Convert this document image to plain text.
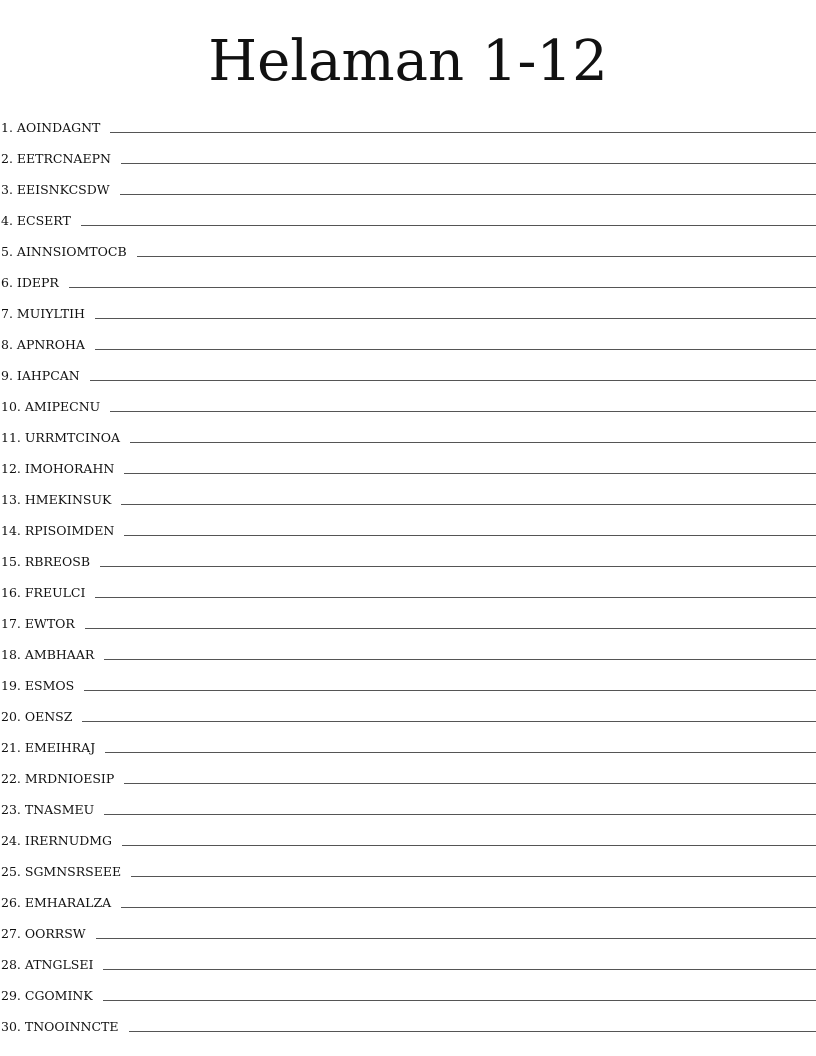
Helaman 1-12
1. AOINDAGNT
2. EETRCNAEPN
3. EEISNKCSDW
4. ECSERT
5. AINNSIOMTOCB
6. IDEPR
7. MUIYLTIH
8. APNROHA
9. IAHPCAN
10. AMIPECNU
11. URRMTCINOA
12. IMOHORAHN
13. HMEKINSUK
14. RPISOIMDEN
15. RBREOSB
16. FREULCI
17. EWTOR
18. AMBHAAR
19. ESMOS
20. OENSZ
21. EMEIHRAJ
22. MRDNIOESIP
23. TNASMEU
24. IRERNUDMG
25. SGMNSRSEEE
26. EMHARALZA
27. OORRSW
28. ATNGLSEI
29. CGOMINK
30. TNOOINNCTE
